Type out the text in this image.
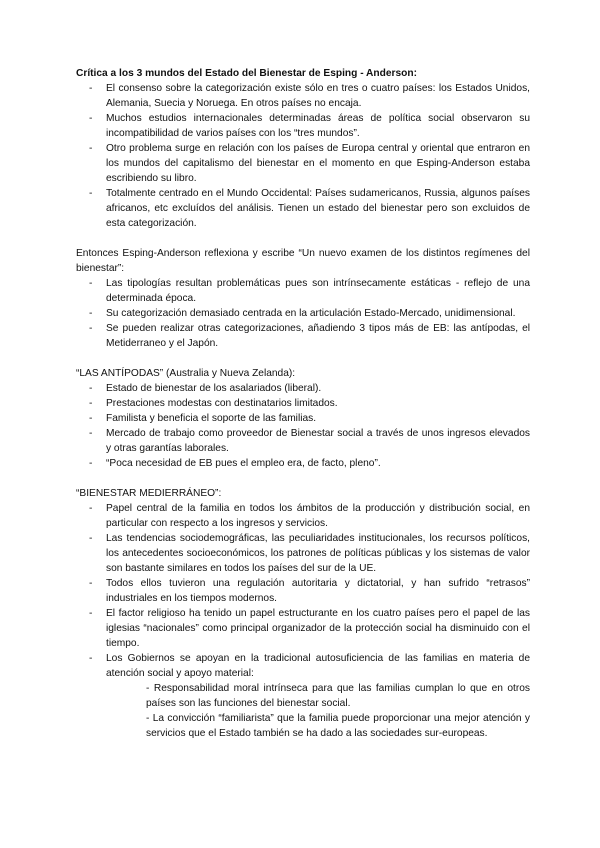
Crítica a los 3 mundos del Estado del Bienestar de Esping - Anderson:

- El consenso sobre la categorización existe sólo en tres o cuatro países: los Estados Unidos, Alemania, Suecia y Noruega. En otros países no encaja.
- Muchos estudios internacionales determinadas áreas de política social observaron su incompatibilidad de varios países con los “tres mundos”.
- Otro problema surge en relación con los países de Europa central y oriental que entraron en los mundos del capitalismo del bienestar en el momento en que Esping-Anderson estaba escribiendo su libro.
- Totalmente centrado en el Mundo Occidental: Países sudamericanos, Russia, algunos países africanos, etc excluídos del análisis. Tienen un estado del bienestar pero son excluidos de esta categorización.

Entonces Esping-Anderson reflexiona y escribe “Un nuevo examen de los distintos regímenes del bienestar”:

- Las tipologías resultan problemáticas pues son intrínsecamente estáticas - reflejo de una determinada época.
- Su categorización demasiado centrada en la articulación Estado-Mercado, unidimensional.
- Se pueden realizar otras categorizaciones, añadiendo 3 tipos más de EB: las antípodas, el Metiderraneo y el Japón.

“LAS ANTÍPODAS” (Australia y Nueva Zelanda):

- Estado de bienestar de los asalariados (liberal).
- Prestaciones modestas con destinatarios limitados.
- Familista y beneficia el soporte de las familias.
- Mercado de trabajo como proveedor de Bienestar social a través de unos ingresos elevados y otras garantías laborales.
- “Poca necesidad de EB pues el empleo era, de facto, pleno”.

“BIENESTAR MEDIERRÁNEO”:

- Papel central de la familia en todos los ámbitos de la producción y distribución social, en particular con respecto a los ingresos y servicios.
- Las tendencias sociodemográficas, las peculiaridades institucionales, los recursos políticos, los antecedentes socioeconómicos, los patrones de políticas públicas y los sistemas de valor son bastante similares en todos los países del sur de la UE.
- Todos ellos tuvieron una regulación autoritaria y dictatorial, y han sufrido “retrasos” industriales en los tiempos modernos.
- El factor religioso ha tenido un papel estructurante en los cuatro países pero el papel de las iglesias “nacionales” como principal organizador de la protección social ha disminuido con el tiempo.
- Los Gobiernos se apoyan en la tradicional autosuficiencia de las familias en materia de atención social y apoyo material:
- Responsabilidad moral intrínseca para que las familias cumplan lo que en otros países son las funciones del bienestar social.
- La convicción “familiarista” que la familia puede proporcionar una mejor atención y servicios que el Estado también se ha dado a las sociedades sur-europeas.
